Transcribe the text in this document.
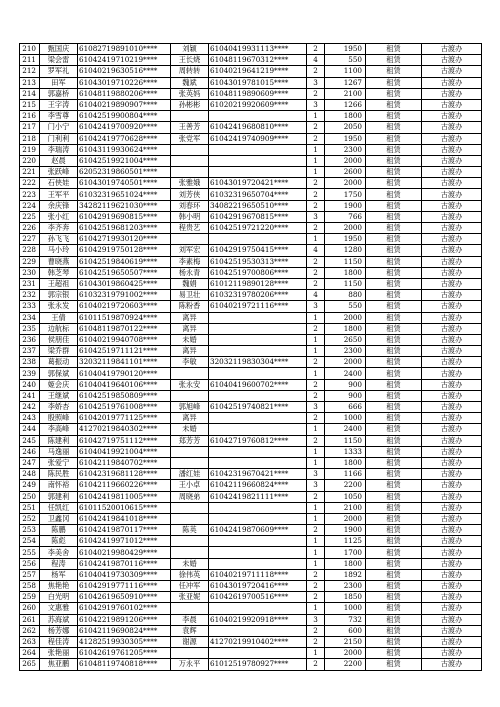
210	甄国庆	61082719891010****	刘颖	61040419931113****	2	1950	租赁	古渡办
211	梁会雷	61042419710219****	王长烧	61048119670312****	4	550	租赁	古渡办
212	罗军礼	61040219630516****	周转转	61040219641219****	2	1100	租赁	古渡办
213	田军	61043019710226****	魏斌	61043019781015****	3	1267	租赁	古渡办
214	郭嘉桥	61048119880206****	张英妈	61048119890609****	2	2100	租赁	古渡办
215	王字涛	61040219890907****	孙彬彬	61020219920609****	3	1266	租赁	古渡办
216	李雪尊	61042519900804****			1	1800	租赁	古渡办
217	门小宁	61042419700920****	王善芳	61042419680810****	2	2050	租赁	古渡办
218	门利利	61042419770628****	张党军	61042419740909****	2	1950	租赁	古渡办
219	李瑞涛	61043119930624****			1	2300	租赁	古渡办
220	赵晨	61042519921004****			1	2000	租赁	古渡办
221	张跃峰	62052319860501****			1	2600	租赁	古渡办
222	石侠娃	61043019740501****	张雅娥	61043019720421****	2	2000	租赁	古渡办
223	王军平	61032319651024****	刘芳侠	61032319650704****	2	1750	租赁	古渡办
224	余庆锋	34282119621030****	刘春环	34082219650510****	2	1900	租赁	古渡办
225	张小红	61042919690815****	韩小明	61042919670815****	3	766	租赁	古渡办
226	李齐奔	61042519681203****	程贵艺	61042519721220****	2	2000	租赁	古渡办
227	孙飞飞	61042719930120****			1	1950	租赁	古渡办
228	马小玲	61042919750128****	刘军宏	61042919750415****	4	1280	租赁	古渡办
229	曹晓燕	61042519840619****	李素梅	61042519530313****	2	1150	租赁	古渡办
230	韩芝琴	61042519650507****	杨永青	61042519700806****	2	1800	租赁	古渡办
231	王超祖	61043019860425****	魏娟	61012119890128****	2	1150	租赁	古渡办
232	郭宗银	61032319791002****	易卫壮	61032319780206****	4	880	租赁	古渡办
233	张永发	61040219720603****	陈粉香	61040219721116****	3	550	租赁	古渡办
234	王倩	61011519870924****	离异		1	2000	租赁	古渡办
235	边航标	61048119870122****	离异		2	1800	租赁	古渡办
236	侯朋佳	61040219940708****	未婚		1	2650	租赁	古渡办
237	梁乔群	61042519711121****	离异		1	2300	租赁	古渡办
238	葛振动	32032119841101****	李敏	32032119830304****	2	2000	租赁	古渡办
239	郭保斌	61040419790120****			1	2400	租赁	古渡办
240	姬会庆	61040419640106****	张永安	61040419600702****	2	900	租赁	古渡办
241	王继斌	61042519850809****			2	900	租赁	古渡办
242	李娇杏	61042519761008****	郭旭峰	61042519740821****	3	666	租赁	古渡办
243	殷照峰	61042019771125****	离异		2	1000	租赁	古渡办
244	李高峰	41270219840302****	未婚		1	2400	租赁	古渡办
245	陈建利	61042719751112****	郑芳芳	61042719760812****	2	1150	租赁	古渡办
246	马逸丽	61040419921004****			1	1333	租赁	古渡办
247	张爱宁	61042119840702****			1	1800	租赁	古渡办
248	陈民胜	61042319681128****	潘红娃	61042319670421****	3	1166	租赁	古渡办
249	南怀裕	61042119660226****	王小卓	61042119660824****	3	2200	租赁	古渡办
250	郭建利	61042419811005****	周晓弟	61042419821111****	2	1050	租赁	古渡办
251	任凯红	61011520010615****			1	2100	租赁	古渡办
252	卫鑫冈	61042419841018****			1	2000	租赁	古渡办
253	陈鹏	61042419870117****	陈英	61042419870609****	2	1900	租赁	古渡办
254	陈彪	61042419971012****			1	1125	租赁	古渡办
255	李美舍	61040219980429****			1	1700	租赁	古渡办
256	程涛	61042419870116****	未婚		1	1800	租赁	古渡办
257	杨军	61040419730309****	徐伟英	61040219711118****	2	1892	租赁	古渡办
258	焦艳艳	61042919771116****	任冲军	61043019720416****	2	2300	租赁	古渡办
259	白光明	61042619650910****	张亚妮	61042619700516****	2	1850	租赁	古渡办
260	文惠雅	61042919760102****			1	1000	租赁	古渡办
261	苏海斌	61042219891206****	李晨	61040219920918****	3	732	租赁	古渡办
262	杨芳娜	61042119690824****	袁辉		2	600	租赁	古渡办
263	程佳涛	41282519930305****	谢源	41270219910402****	2	2150	租赁	古渡办
264	张艳丽	61042619761205****			1	2000	租赁	古渡办
265	焦亚鹏	61048119740818****	万永平	61012519780927****	2	2200	租赁	古渡办
